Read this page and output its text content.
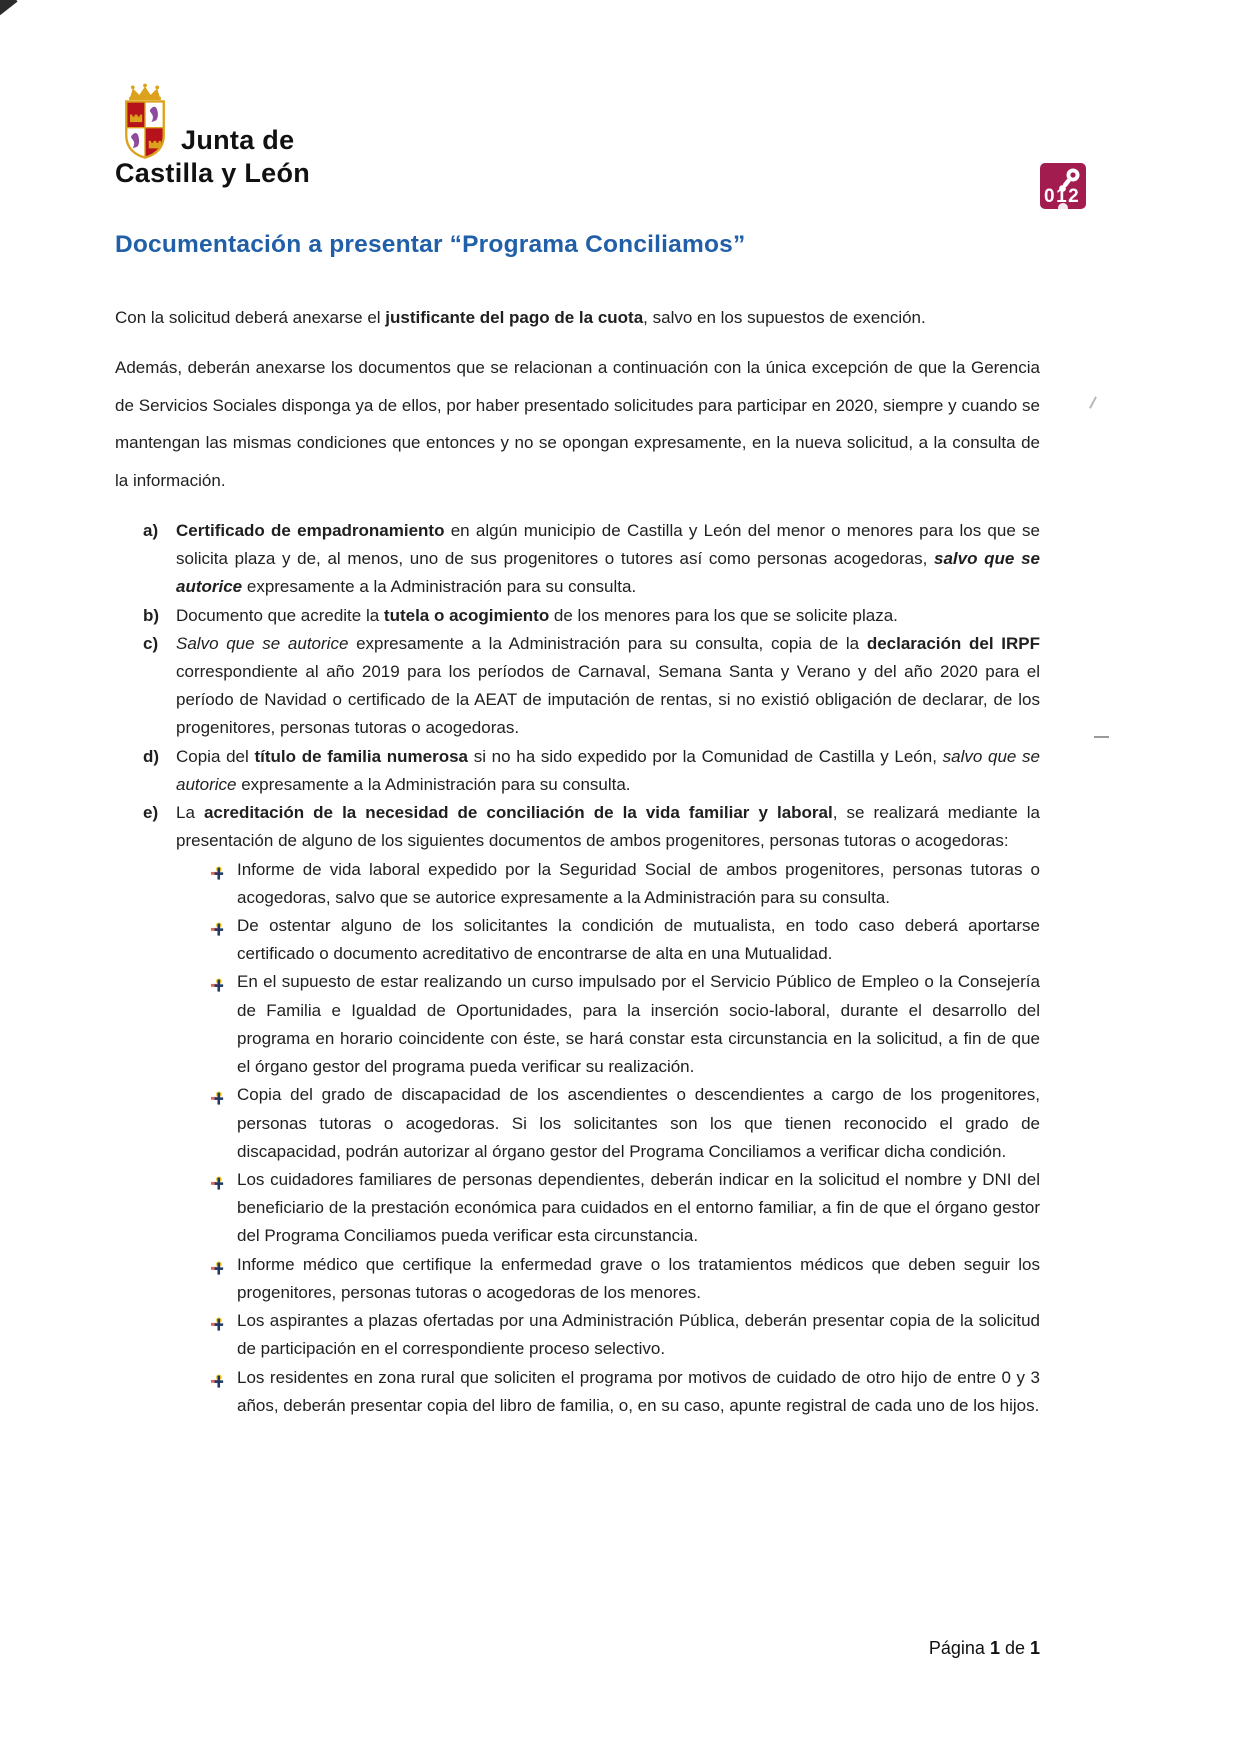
Junta de
Castilla y León
Documentación a presentar “Programa Conciliamos”

Con la solicitud deberá anexarse el justificante del pago de la cuota, salvo en los supuestos de exención.

Además, deberán anexarse los documentos que se relacionan a continuación con la única excepción de que la Gerencia de Servicios Sociales disponga ya de ellos, por haber presentado solicitudes para participar en 2020, siempre y cuando se mantengan las mismas condiciones que entonces y no se opongan expresamente, en la nueva solicitud, a la consulta de la información.

a)	Certificado de empadronamiento en algún municipio de Castilla y León del menor o menores para los que se solicita plaza y de, al menos, uno de sus progenitores o tutores así como personas acogedoras, salvo que se autorice expresamente a la Administración para su consulta.
b) Documento que acredite la tutela o acogimiento de los menores para los que se solicite plaza.
c)	Salvo que se autorice expresamente a la Administración para su consulta, copia de la declaración del IRPF correspondiente al año 2019 para los períodos de Carnaval, Semana Santa y Verano y del año 2020 para el período de Navidad o certificado de la AEAT de imputación de rentas, si no existió obligación de declarar, de los progenitores, personas tutoras o acogedoras.
d) Copia del título de familia numerosa si no ha sido expedido por la Comunidad de Castilla y León, salvo que se autorice expresamente a la Administración para su consulta.
e)	La acreditación de la necesidad de conciliación de la vida familiar y laboral, se realizará mediante la presentación de alguno de los siguientes documentos de ambos progenitores, personas tutoras o acogedoras:
Informe de vida laboral expedido por la Seguridad Social de ambos progenitores, personas tutoras o acogedoras, salvo que se autorice expresamente a la Administración para su consulta.
De ostentar alguno de los solicitantes la condición de mutualista, en todo caso deberá aportarse certificado o documento acreditativo de encontrarse de alta en una Mutualidad.
En el supuesto de estar realizando un curso impulsado por el Servicio Público de Empleo o la Consejería de Familia e Igualdad de Oportunidades, para la inserción socio-laboral, durante el desarrollo del programa en horario coincidente con éste, se hará constar esta circunstancia en la solicitud, a fin de que el órgano gestor del programa pueda verificar su realización.
Copia del grado de discapacidad de los ascendientes o descendientes a cargo de los progenitores, personas tutoras o acogedoras. Si los solicitantes son los que tienen reconocido el grado de discapacidad, podrán autorizar al órgano gestor del Programa Conciliamos a verificar dicha condición.
Los cuidadores familiares de personas dependientes, deberán indicar en la solicitud el nombre y DNI del beneficiario de la prestación económica para cuidados en el entorno familiar, a fin de que el órgano gestor del Programa Conciliamos pueda verificar esta circunstancia.
Informe médico que certifique la enfermedad grave o los tratamientos médicos que deben seguir los progenitores, personas tutoras o acogedoras de los menores.
Los aspirantes a plazas ofertadas por una Administración Pública, deberán presentar copia de la solicitud de participación en el correspondiente proceso selectivo.
Los residentes en zona rural que soliciten el programa por motivos de cuidado de otro hijo de entre 0 y 3 años, deberán presentar copia del libro de familia, o, en su caso, apunte registral de cada uno de los hijos.
012
Página 1 de 1
